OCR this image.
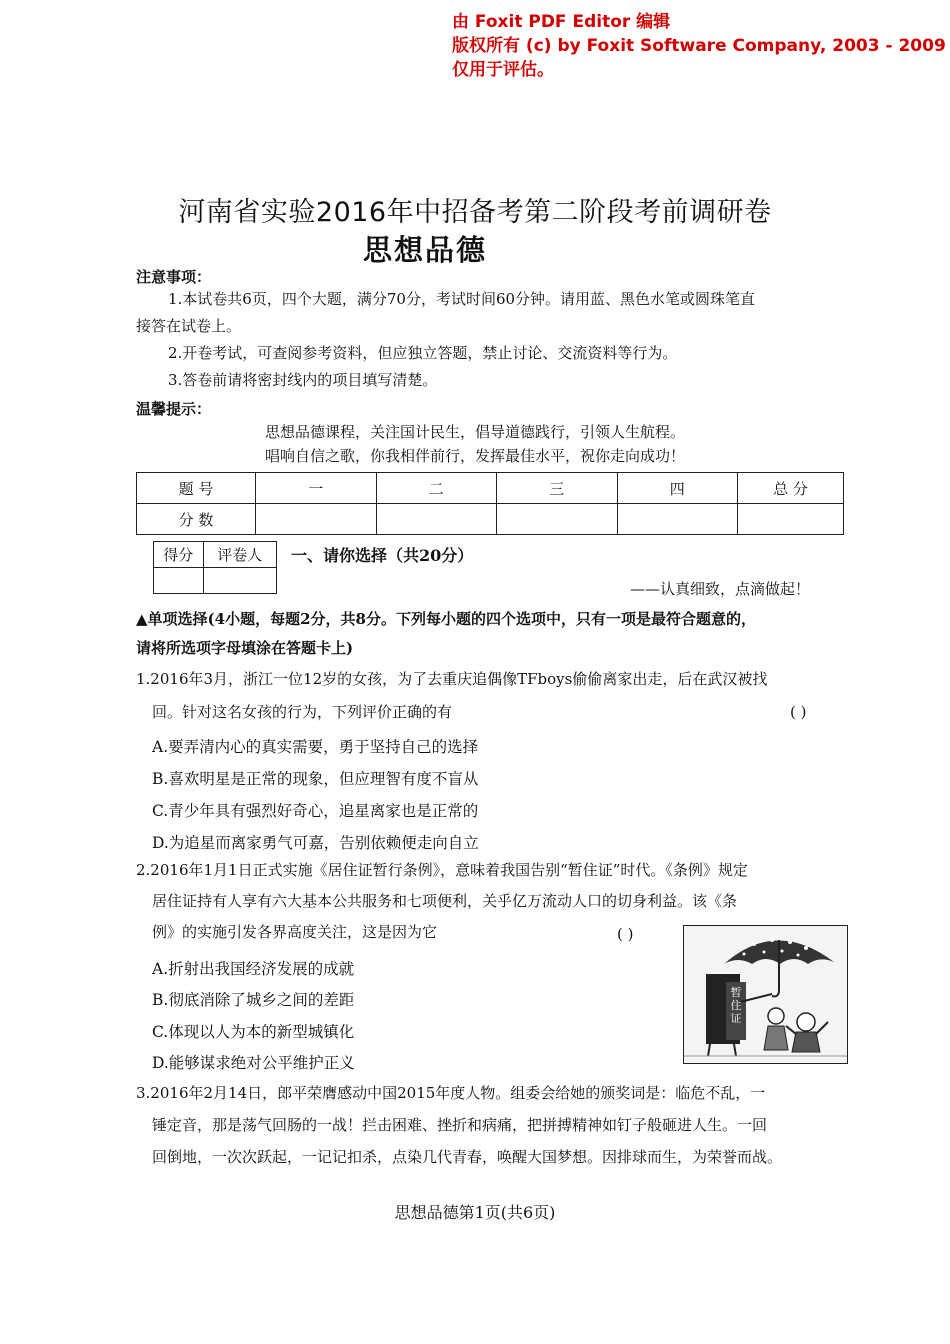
由 Foxit PDF Editor 编辑
版权所有 (c) by Foxit Software Company, 2003 - 2009
仅用于评估。
河南省实验2016年中招备考第二阶段考前调研卷
思想品德
注意事项：
1.本试卷共6页，四个大题，满分70分，考试时间60分钟。请用蓝、黑色水笔或圆珠笔直
接答在试卷上。
2.开卷考试，可查阅参考资料，但应独立答题，禁止讨论、交流资料等行为。
3.答卷前请将密封线内的项目填写清楚。
温馨提示：
思想品德课程，关注国计民生，倡导道德践行，引领人生航程。
唱响自信之歌，你我相伴前行，发挥最佳水平，祝你走向成功！
题 号	一	二	三	四	总 分
分 数					
得分	评卷人
	一、请你选择（共20分）
——认真细致，点滴做起！
▲单项选择(4小题，每题2分，共8分。下列每小题的四个选项中，只有一项是最符合题意的，
请将所选项字母填涂在答题卡上)
1.2016年3月，浙江一位12岁的女孩，为了去重庆追偶像TFboys偷偷离家出走，后在武汉被找
回。针对这名女孩的行为，下列评价正确的有	( )
A.要弄清内心的真实需要，勇于坚持自己的选择
B.喜欢明星是正常的现象，但应理智有度不盲从
C.青少年具有强烈好奇心，追星离家也是正常的
D.为追星而离家勇气可嘉，告别依赖便走向自立
2.2016年1月1日正式实施《居住证暂行条例》，意味着我国告别“暂住证”时代。《条例》规定
居住证持有人享有六大基本公共服务和七项便利，关乎亿万流动人口的切身利益。该《条
例》的实施引发各界高度关注，这是因为它	( )
A.折射出我国经济发展的成就
B.彻底消除了城乡之间的差距
C.体现以人为本的新型城镇化
D.能够谋求绝对公平维护正义
暂住证
3.2016年2月14日，郎平荣膺感动中国2015年度人物。组委会给她的颁奖词是：临危不乱，一
锤定音，那是荡气回肠的一战！拦击困难、挫折和病痛，把拼搏精神如钉子般砸进人生。一回
回倒地，一次次跃起，一记记扣杀，点染几代青春，唤醒大国梦想。因排球而生，为荣誉而战。
思想品德第1页(共6页)
